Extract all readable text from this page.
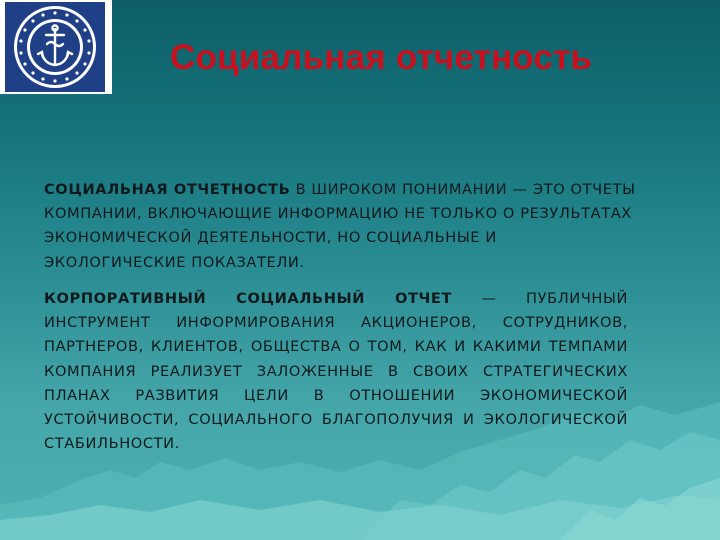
Социальная отчетность

СОЦИАЛЬНАЯ ОТЧЕТНОСТЬ В ШИРОКОМ ПОНИМАНИИ — ЭТО ОТЧЕТЫ КОМПАНИИ, ВКЛЮЧАЮЩИЕ ИНФОРМАЦИЮ НЕ ТОЛЬКО О РЕЗУЛЬТАТАХ ЭКОНОМИЧЕСКОЙ ДЕЯТЕЛЬНОСТИ, НО СОЦИАЛЬНЫЕ И ЭКОЛОГИЧЕСКИЕ ПОКАЗАТЕЛИ.

КОРПОРАТИВНЫЙ СОЦИАЛЬНЫЙ ОТЧЕТ — ПУБЛИЧНЫЙ ИНСТРУМЕНТ ИНФОРМИРОВАНИЯ АКЦИОНЕРОВ, СОТРУДНИКОВ, ПАРТНЕРОВ, КЛИЕНТОВ, ОБЩЕСТВА О ТОМ, КАК И КАКИМИ ТЕМПАМИ КОМПАНИЯ РЕАЛИЗУЕТ ЗАЛОЖЕННЫЕ В СВОИХ СТРАТЕГИЧЕСКИХ ПЛАНАХ РАЗВИТИЯ ЦЕЛИ В ОТНОШЕНИИ ЭКОНОМИЧЕСКОЙ УСТОЙЧИВОСТИ, СОЦИАЛЬНОГО БЛАГОПОЛУЧИЯ И ЭКОЛОГИЧЕСКОЙ СТАБИЛЬНОСТИ.
